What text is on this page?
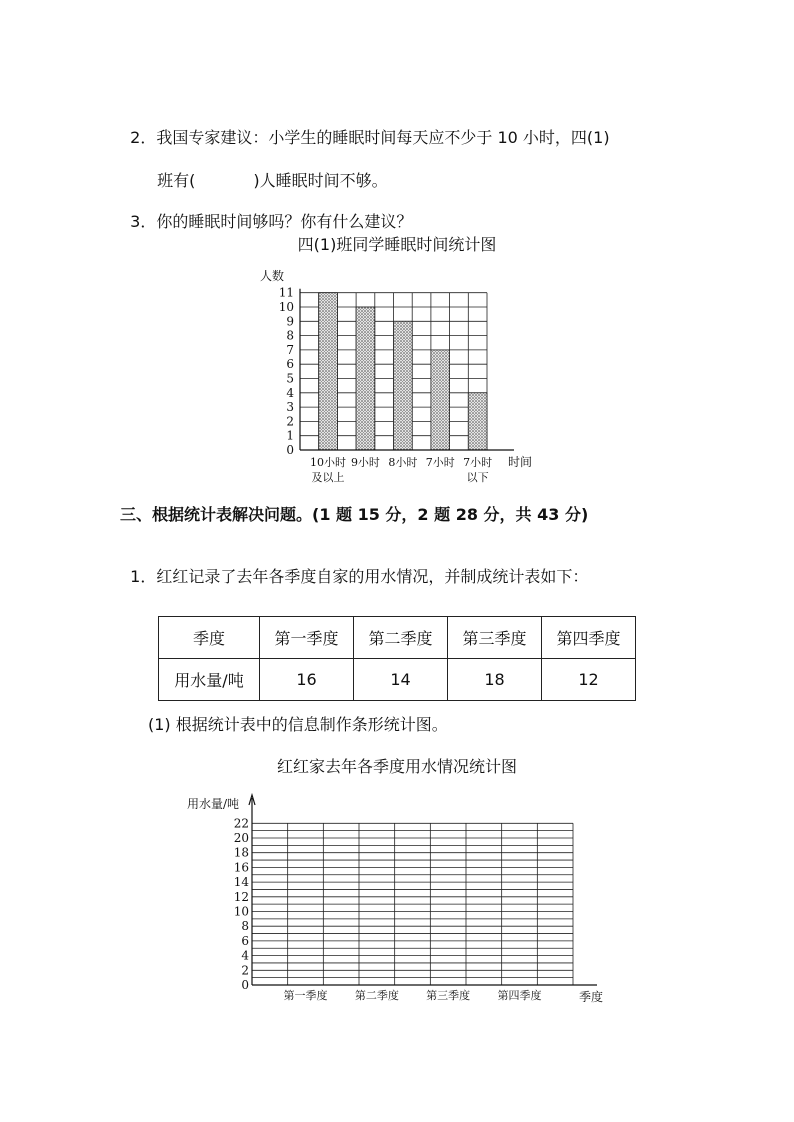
2．我国专家建议：小学生的睡眠时间每天应不少于 10 小时，四(1)

班有(	)人睡眠时间不够。

3．你的睡眠时间够吗？你有什么建议？

四(1)班同学睡眠时间统计图
人数
0
1
2
3
4
5
6
7
8
9
10
11
10小时
及以上
9小时 8小时 7小时 7小时
以下
时间
三、根据统计表解决问题。(1 题 15 分，2 题 28 分，共 43 分)

1．红红记录了去年各季度自家的用水情况，并制成统计表如下：

季度	第一季度	第二季度	第三季度	第四季度
用水量/吨	16	14	18	12
(1) 根据统计表中的信息制作条形统计图。
红红家去年各季度用水情况统计图
用水量/吨
0
2
4
6
8
10
12
14
16
18
20
22
第一季度 第二季度 第三季度 第四季度	季度
